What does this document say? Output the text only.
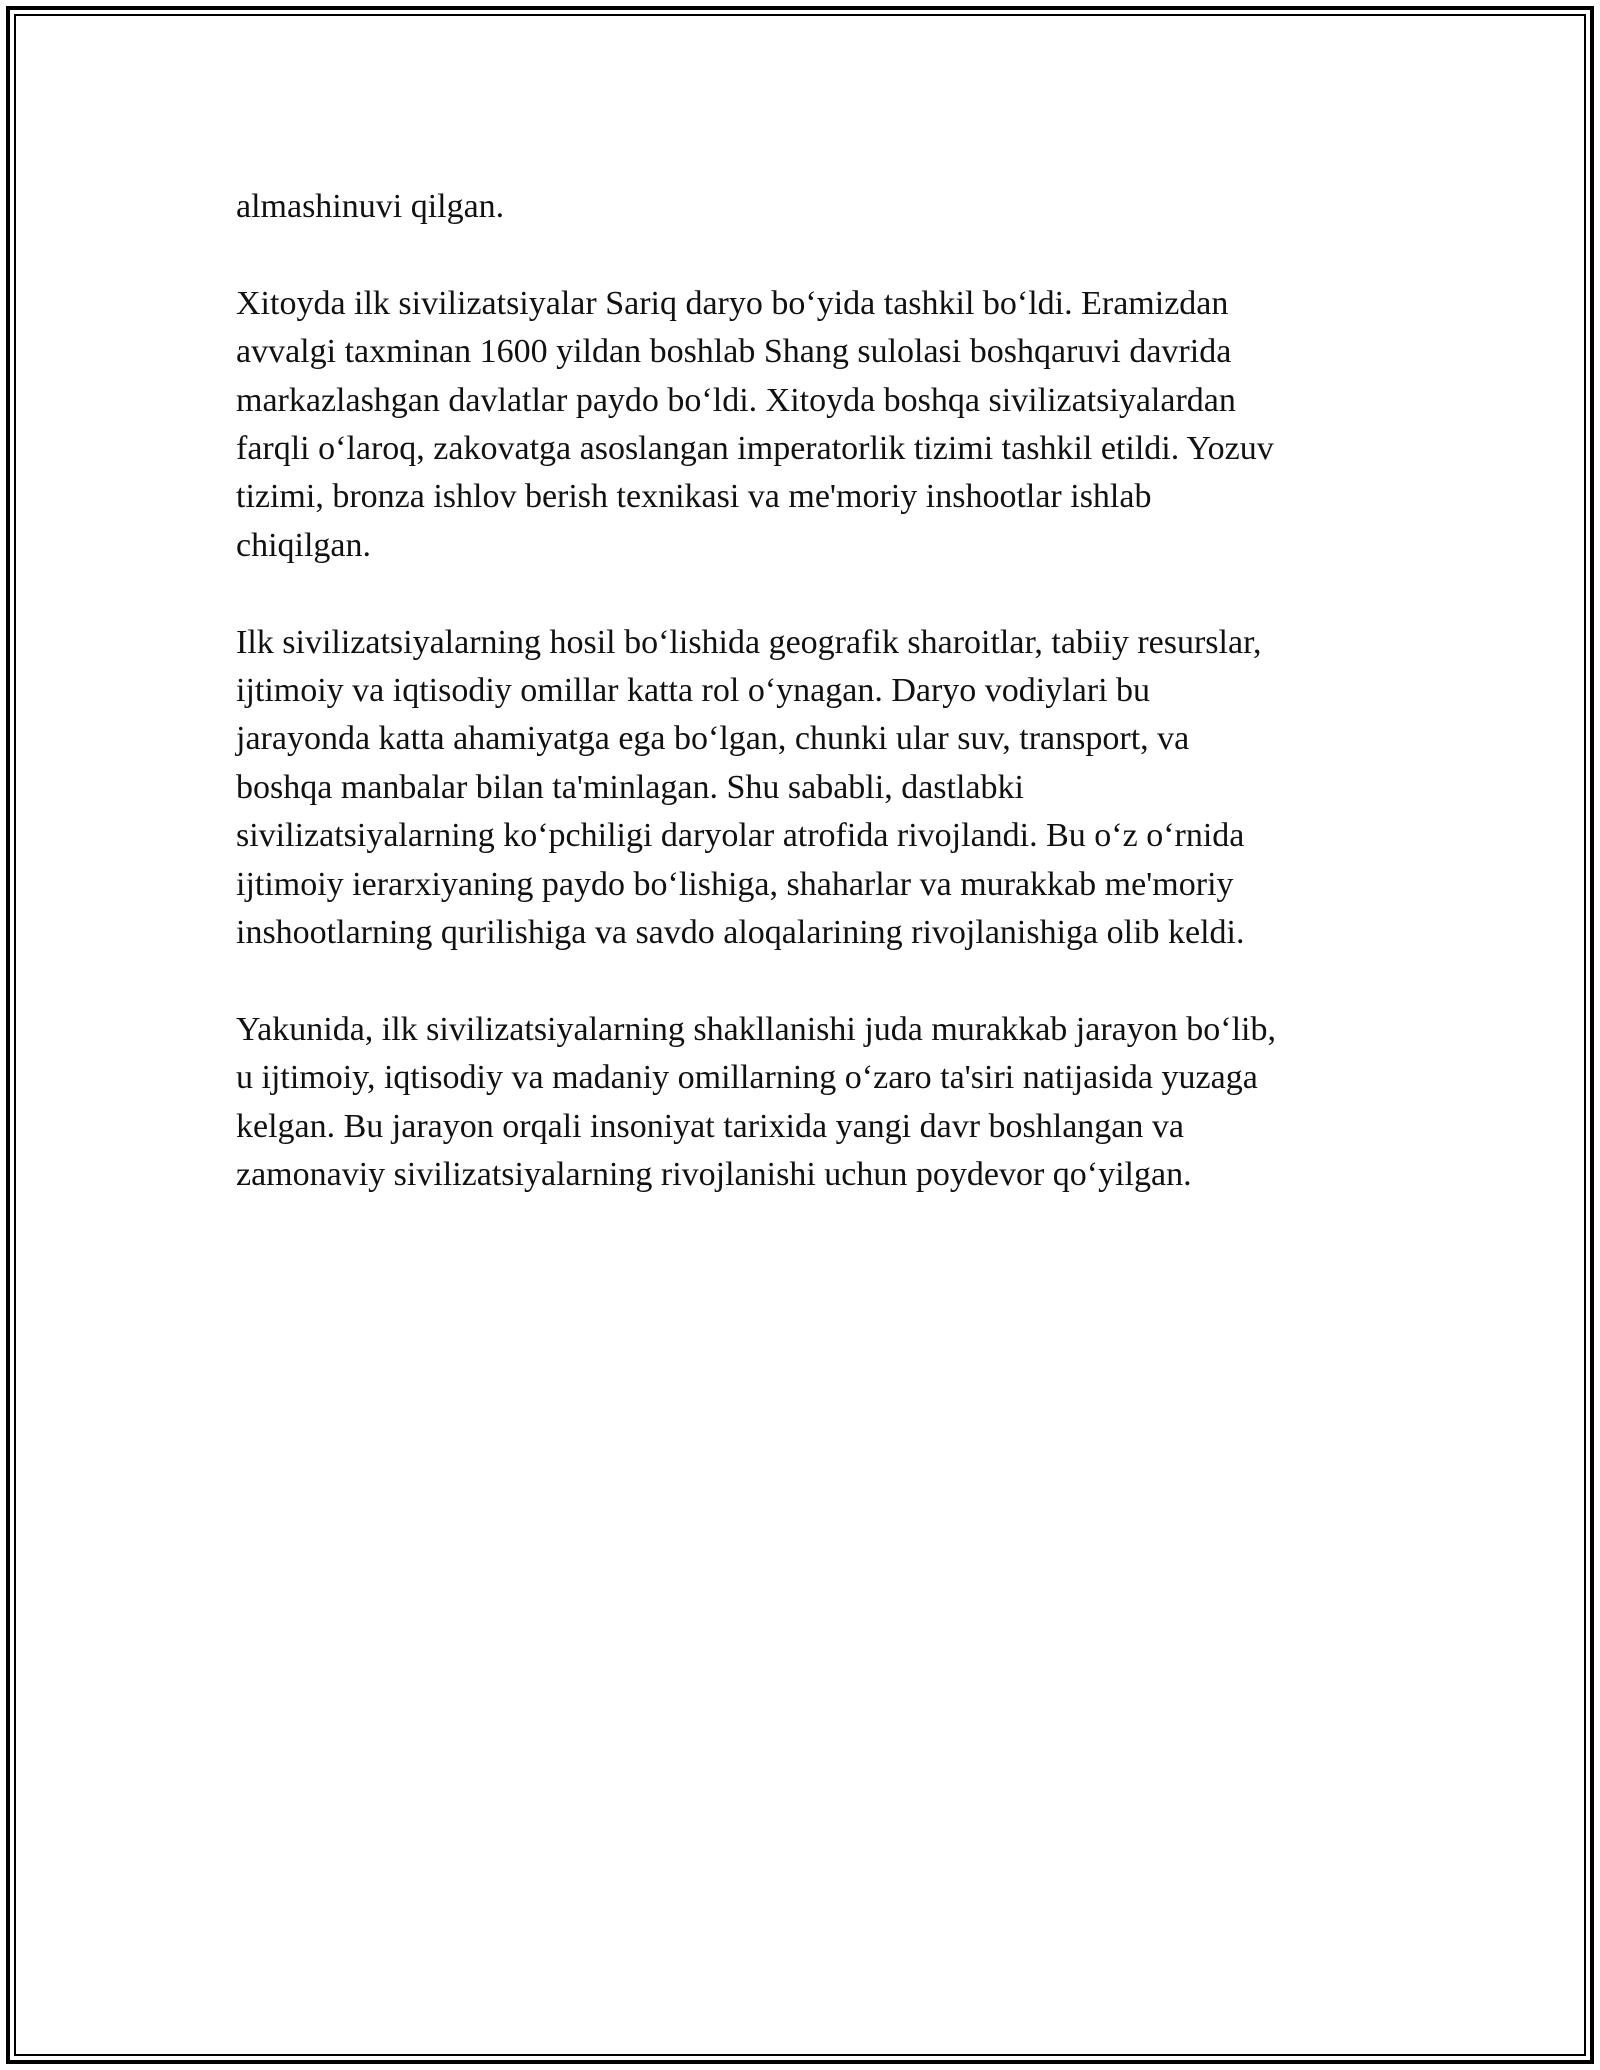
almashinuvi qilgan.

Xitoyda ilk sivilizatsiyalar Sariq daryo bo‘yida tashkil bo‘ldi. Eramizdan
avvalgi taxminan 1600 yildan boshlab Shang sulolasi boshqaruvi davrida
markazlashgan davlatlar paydo bo‘ldi. Xitoyda boshqa sivilizatsiyalardan
farqli o‘laroq, zakovatga asoslangan imperatorlik tizimi tashkil etildi. Yozuv
tizimi, bronza ishlov berish texnikasi va me'moriy inshootlar ishlab
chiqilgan.

Ilk sivilizatsiyalarning hosil bo‘lishida geografik sharoitlar, tabiiy resurslar,
ijtimoiy va iqtisodiy omillar katta rol o‘ynagan. Daryo vodiylari bu
jarayonda katta ahamiyatga ega bo‘lgan, chunki ular suv, transport, va
boshqa manbalar bilan ta'minlagan. Shu sababli, dastlabki
sivilizatsiyalarning ko‘pchiligi daryolar atrofida rivojlandi. Bu o‘z o‘rnida
ijtimoiy ierarxiyaning paydo bo‘lishiga, shaharlar va murakkab me'moriy
inshootlarning qurilishiga va savdo aloqalarining rivojlanishiga olib keldi.

Yakunida, ilk sivilizatsiyalarning shakllanishi juda murakkab jarayon bo‘lib,
u ijtimoiy, iqtisodiy va madaniy omillarning o‘zaro ta'siri natijasida yuzaga
kelgan. Bu jarayon orqali insoniyat tarixida yangi davr boshlangan va
zamonaviy sivilizatsiyalarning rivojlanishi uchun poydevor qo‘yilgan.
